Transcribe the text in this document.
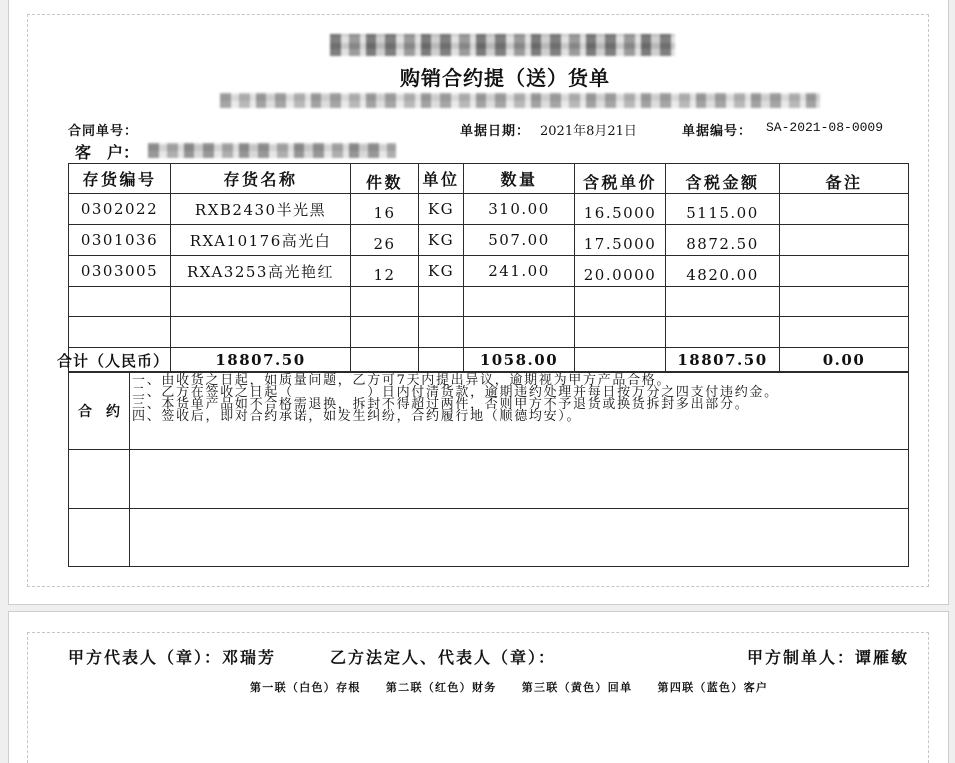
购销合约提（送）货单
合同单号：	单据日期： 2021年8月21日	单据编号： SA-2021-08-0009
客　户：
存货编号	存货名称	件数	单位	数量	含税单价	含税金额	备注
0302022	RXB2430半光黑	16	KG	310.00	16.5000	5115.00	
0301036	RXA10176高光白	26	KG	507.00	17.5000	8872.50	
0303005	RXA3253高光艳红	12	KG	241.00	20.0000	4820.00	

合计（人民币）	18807.50			1058.00		18807.50	0.00
合　约	一、由收货之日起，如质量问题，乙方可7天内提出异议，逾期视为甲方产品合格。
二、乙方在签收之日起（　　　　　）日内付清货款，逾期违约处理并每日按万分之四支付违约金。
三、本货单产品如不合格需退换，拆封不得超过两件，否则甲方不予退货或换货拆封多出部分。
四、签收后，即对合约承诺，如发生纠纷，合约履行地（顺德均安）。

甲方代表人（章）：邓瑞芳	乙方法定人、代表人（章）：	甲方制单人：谭雁敏
第一联（白色）存根 第二联（红色）财务 第三联（黄色）回单 第四联（蓝色）客户
